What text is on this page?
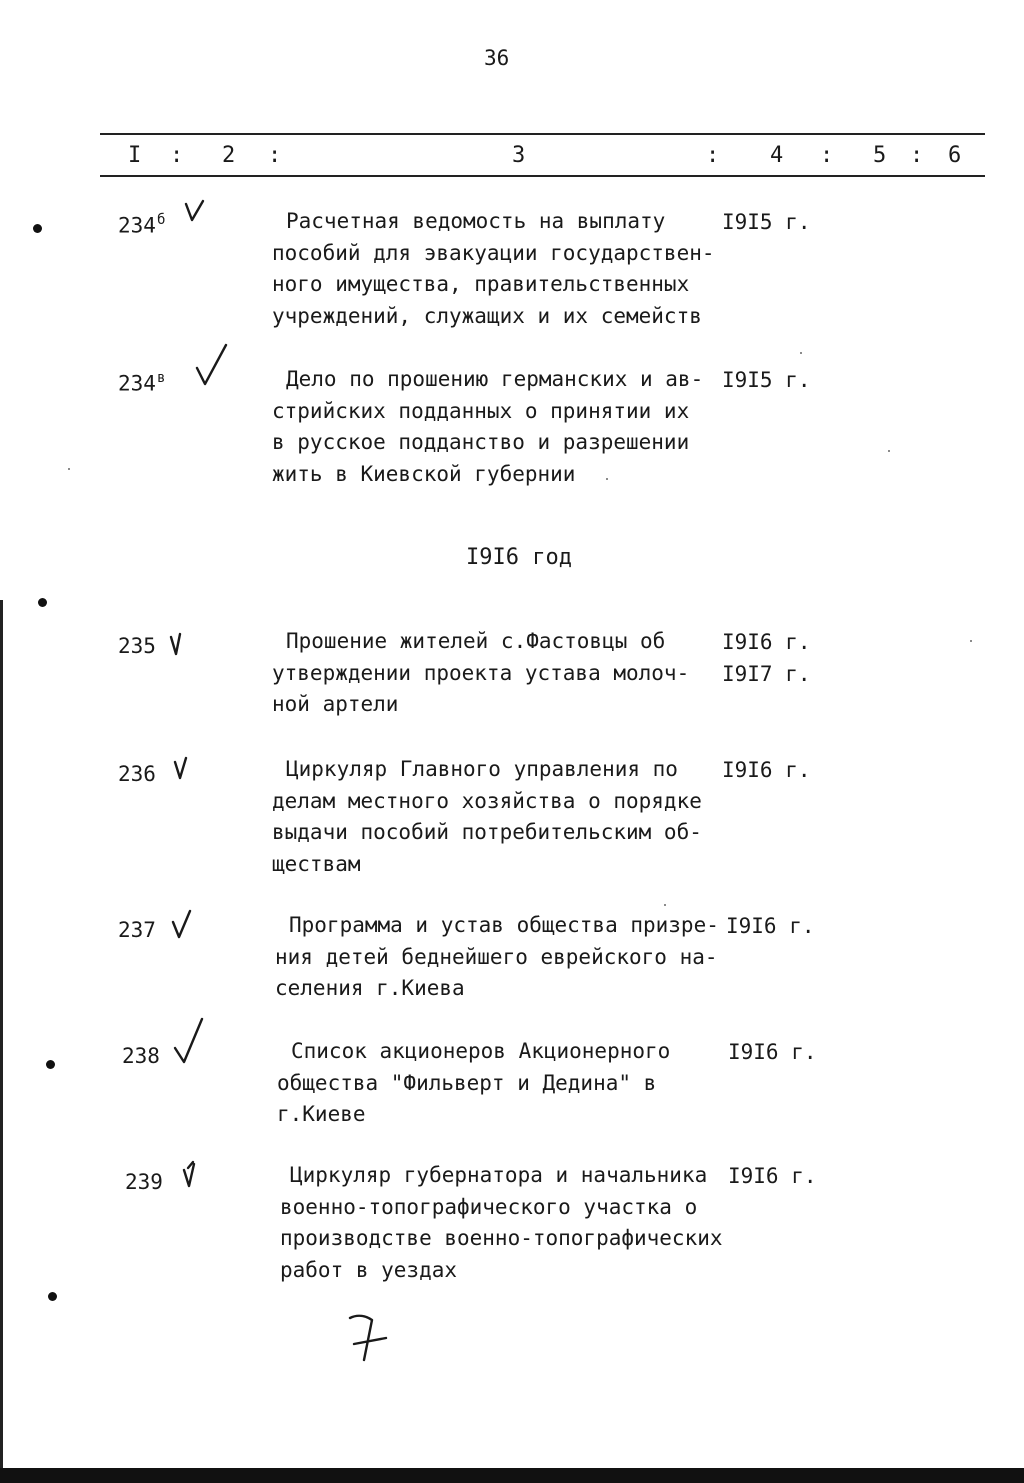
36
I : 2 :	3	: 4 : 5 : 6
$234^б$	Расчетная ведомость на выплату
пособий для эвакуации государствен-
ного имущества, правительственных
учреждений, служащих и их семейств
I9I5 г.
$234^в$	Дело по прошению германских и ав-
стрийских подданных о принятии их
в русское подданство и разрешении
жить в Киевской губернии
I9I5 г.
I9I6 год
235	Прошение жителей с.Фастовцы об
утверждении проекта устава молоч-
ной артели
I9I6 г.
I9I7 г.
236	Циркуляр Главного управления по
делам местного хозяйства о порядке
выдачи пособий потребительским об-
ществам
I9I6 г.
237	Программа и устав общества призре-
ния детей беднейшего еврейского на-
селения г.Киева
I9I6 г.
238	Список акционеров Акционерного
общества "Фильверт и Дедина" в
г.Киеве
I9I6 г.
239	Циркуляр губернатора и начальника
военно-топографического участка о
производстве военно-топографических
работ в уездах
I9I6 г.
